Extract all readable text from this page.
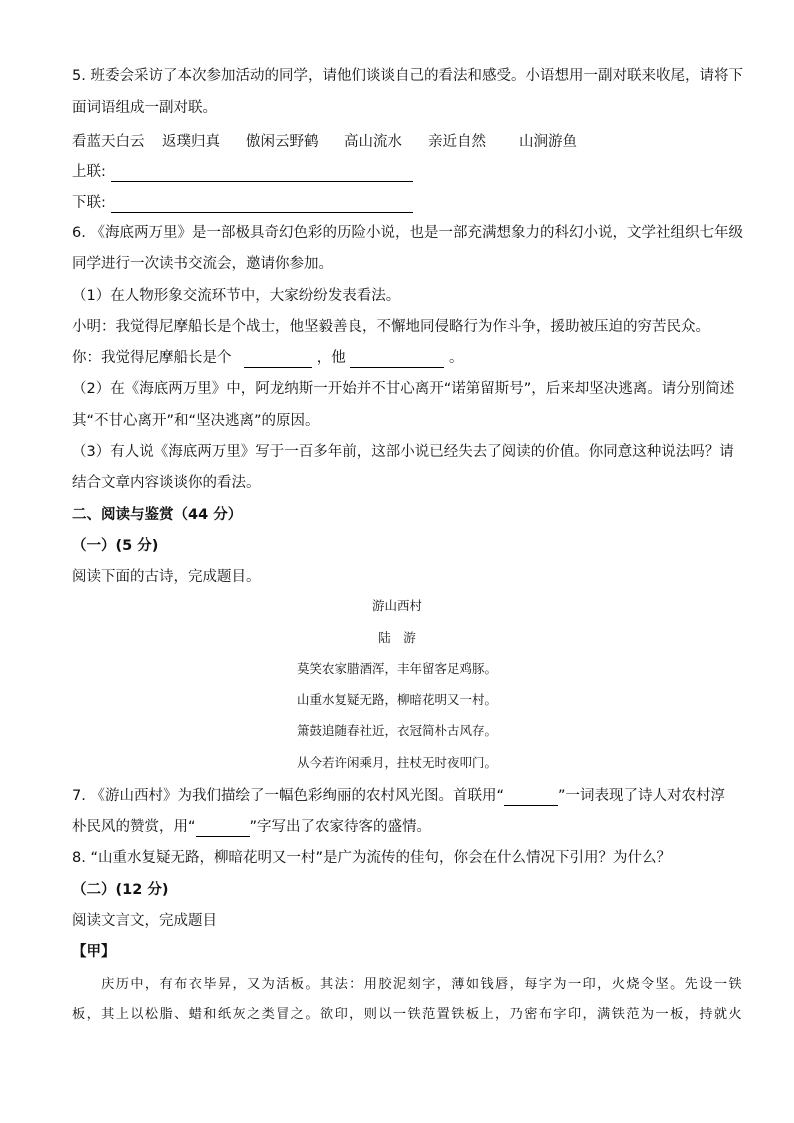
5. 班委会采访了本次参加活动的同学，请他们谈谈自己的看法和感受。小语想用一副对联来收尾，请将下
面词语组成一副对联。
看蓝天白云 返璞归真 傲闲云野鹤 高山流水 亲近自然 山涧游鱼
上联:
下联:
6. 《海底两万里》是一部极具奇幻色彩的历险小说，也是一部充满想象力的科幻小说，文学社组织七年级
同学进行一次读书交流会，邀请你参加。
（1）在人物形象交流环节中，大家纷纷发表看法。
小明：我觉得尼摩船长是个战士，他坚毅善良，不懈地同侵略行为作斗争，援助被压迫的穷苦民众。
你：我觉得尼摩船长是个	，他	。
（2）在《海底两万里》中，阿龙纳斯一开始并不甘心离开“诺第留斯号”，后来却坚决逃离。请分别简述
其“不甘心离开”和“坚决逃离”的原因。
（3）有人说《海底两万里》写于一百多年前，这部小说已经失去了阅读的价值。你同意这种说法吗？请
结合文章内容谈谈你的看法。
二、阅读与鉴赏（44 分）
（一）(5 分)
阅读下面的古诗，完成题目。
游山西村
陆　游
莫笑农家腊酒浑，丰年留客足鸡豚。
山重水复疑无路，柳暗花明又一村。
箫鼓追随春社近，衣冠简朴古风存。
从今若许闲乘月，拄杖无时夜叩门。
7. 《游山西村》为我们描绘了一幅色彩绚丽的农村风光图。首联用“	”一词表现了诗人对农村淳
朴民风的赞赏，用“	”字写出了农家待客的盛情。
8. “山重水复疑无路，柳暗花明又一村”是广为流传的佳句，你会在什么情况下引用？为什么？
（二）(12 分)
阅读文言文，完成题目
【甲】
　　庆历中，有布衣毕昇，又为活板。其法：用胶泥刻字，薄如钱唇，每字为一印，火烧令坚。先设一铁
板，其上以松脂、蜡和纸灰之类冒之。欲印，则以一铁范置铁板上，乃密布字印，满铁范为一板，持就火
